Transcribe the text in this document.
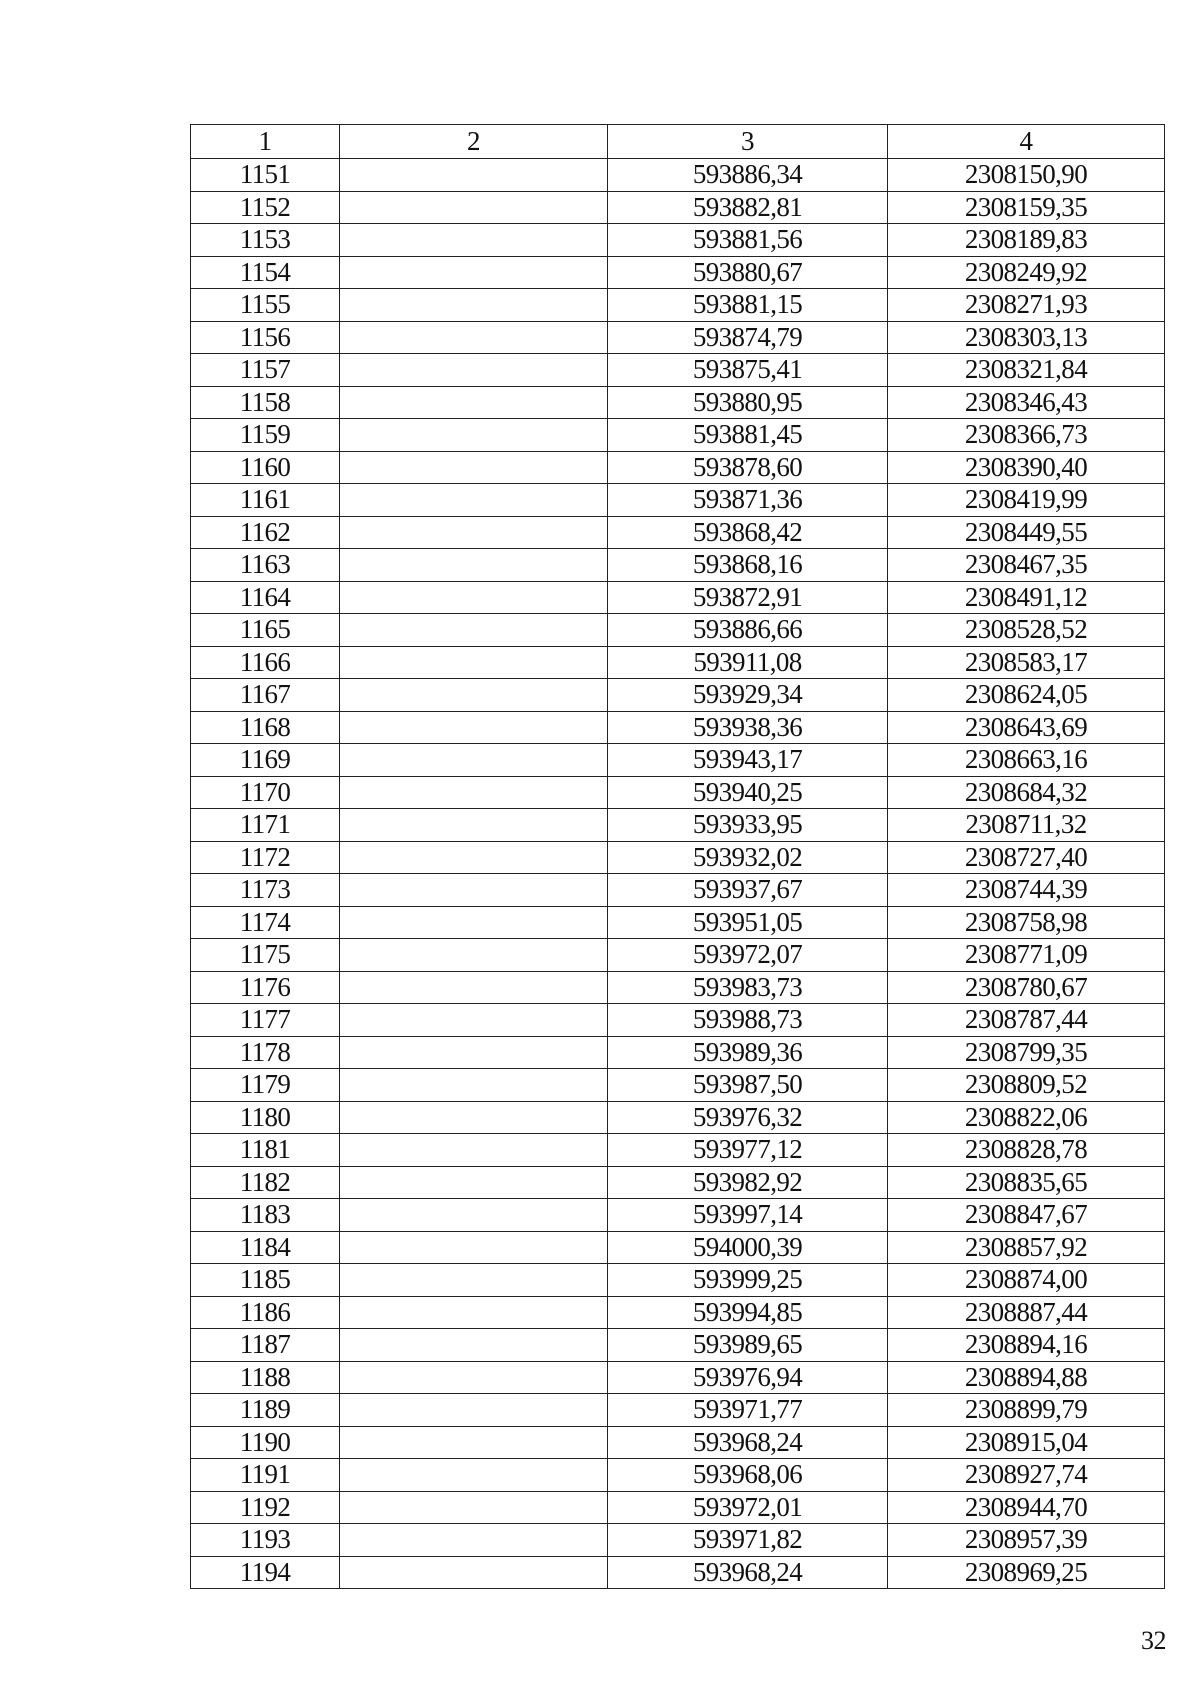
1	2	3	4
1151		593886,34	2308150,90
1152		593882,81	2308159,35
1153		593881,56	2308189,83
1154		593880,67	2308249,92
1155		593881,15	2308271,93
1156		593874,79	2308303,13
1157		593875,41	2308321,84
1158		593880,95	2308346,43
1159		593881,45	2308366,73
1160		593878,60	2308390,40
1161		593871,36	2308419,99
1162		593868,42	2308449,55
1163		593868,16	2308467,35
1164		593872,91	2308491,12
1165		593886,66	2308528,52
1166		593911,08	2308583,17
1167		593929,34	2308624,05
1168		593938,36	2308643,69
1169		593943,17	2308663,16
1170		593940,25	2308684,32
1171		593933,95	2308711,32
1172		593932,02	2308727,40
1173		593937,67	2308744,39
1174		593951,05	2308758,98
1175		593972,07	2308771,09
1176		593983,73	2308780,67
1177		593988,73	2308787,44
1178		593989,36	2308799,35
1179		593987,50	2308809,52
1180		593976,32	2308822,06
1181		593977,12	2308828,78
1182		593982,92	2308835,65
1183		593997,14	2308847,67
1184		594000,39	2308857,92
1185		593999,25	2308874,00
1186		593994,85	2308887,44
1187		593989,65	2308894,16
1188		593976,94	2308894,88
1189		593971,77	2308899,79
1190		593968,24	2308915,04
1191		593968,06	2308927,74
1192		593972,01	2308944,70
1193		593971,82	2308957,39
1194		593968,24	2308969,25
32
